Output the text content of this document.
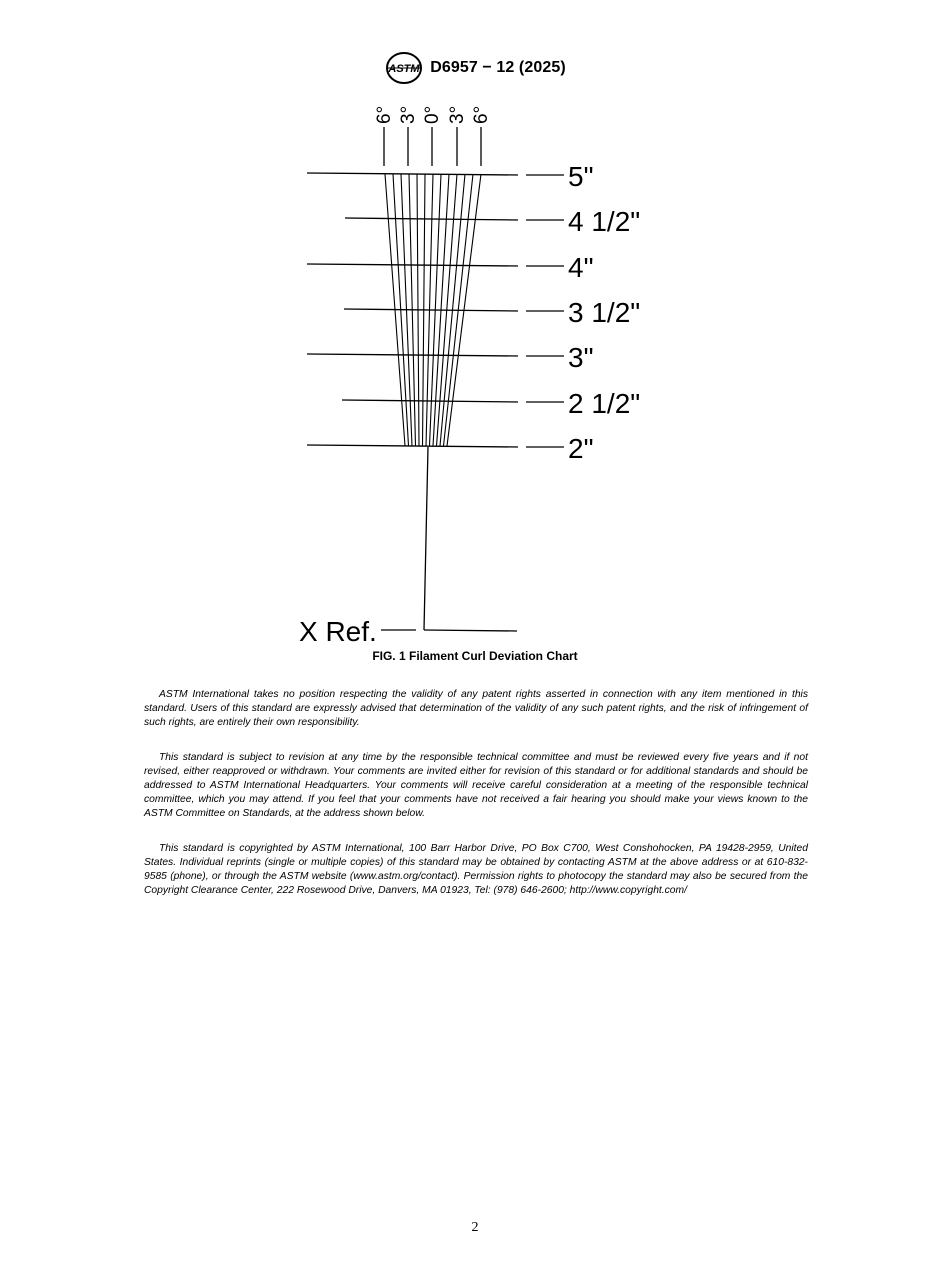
ASTM D6957 − 12 (2025)
6° 3° 0° 3° 6°
5"
4 1/2"
4"
3 1/2"
3"
2 1/2"
2"
X Ref.
FIG. 1 Filament Curl Deviation Chart

ASTM International takes no position respecting the validity of any patent rights asserted in connection with any item mentioned in this standard. Users of this standard are expressly advised that determination of the validity of any such patent rights, and the risk of infringement of such rights, are entirely their own responsibility.

This standard is subject to revision at any time by the responsible technical committee and must be reviewed every five years and if not revised, either reapproved or withdrawn. Your comments are invited either for revision of this standard or for additional standards and should be addressed to ASTM International Headquarters. Your comments will receive careful consideration at a meeting of the responsible technical committee, which you may attend. If you feel that your comments have not received a fair hearing you should make your views known to the ASTM Committee on Standards, at the address shown below.

This standard is copyrighted by ASTM International, 100 Barr Harbor Drive, PO Box C700, West Conshohocken, PA 19428-2959, United States. Individual reprints (single or multiple copies) of this standard may be obtained by contacting ASTM at the above address or at 610-832-9585 (phone), or through the ASTM website (www.astm.org/contact). Permission rights to photocopy the standard may also be secured from the Copyright Clearance Center, 222 Rosewood Drive, Danvers, MA 01923, Tel: (978) 646-2600; http://www.copyright.com/

2
